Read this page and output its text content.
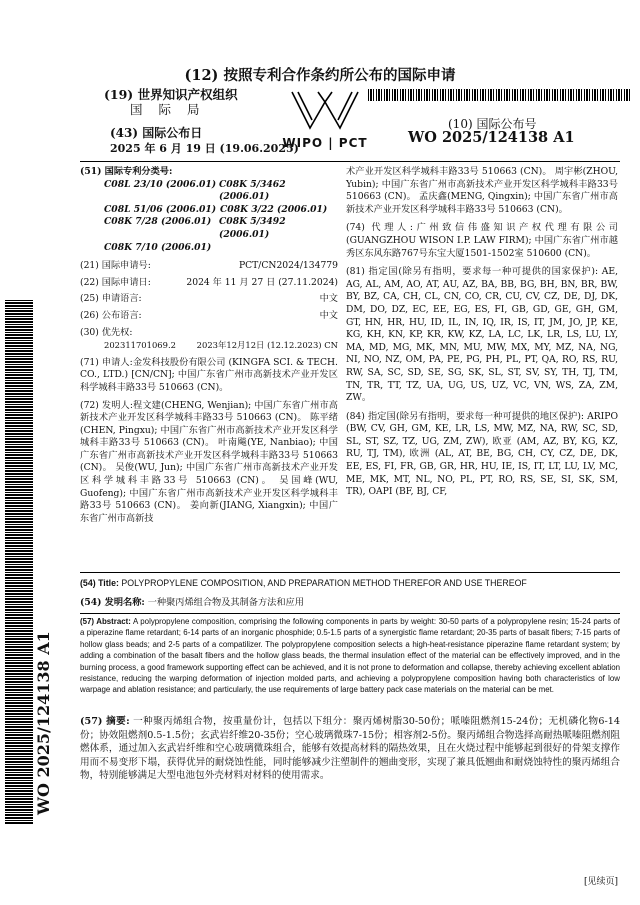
(12) 按照专利合作条约所公布的国际申请
(19) 世界知识产权组织
国 际 局
(43) 国际公布日
2025 年 6 月 19 日 (19.06.2025)
WIPO | PCT
(10) 国际公布号
WO 2025/124138 A1
(51) 国际专利分类号:
C08L 23/10 (2006.01) C08K 5/3462 (2006.01)
C08L 51/06 (2006.01) C08K 3/22 (2006.01)
C08K 7/28 (2006.01) C08K 5/3492 (2006.01)
C08K 7/10 (2006.01)
(21) 国际申请号:	PCT/CN2024/134779
(22) 国际申请日:	2024 年 11 月 27 日 (27.11.2024)
(25) 申请语言:	中文
(26) 公布语言:	中文
(30) 优先权:
202311701069.2 2023年12月12日 (12.12.2023)
CN
(71) 申请人:金发科技股份有限公司 (KINGFA SCI. & TECH. CO., LTD.) [CN/CN]; 中国广东省广州市高新技术产业开发区科学城科丰路33号 510663 (CN)。
(72) 发明人:程文建(CHENG, Wenjian); 中国广东省广州市高新技术产业开发区科学城科丰路33号 510663 (CN)。 陈平绪(CHEN, Pingxu); 中国广东省广州市高新技术产业开发区科学城科丰路33号 510663 (CN)。 叶南飚(YE, Nanbiao); 中国广东省广州市高新技术产业开发区科学城科丰路33号 510663 (CN)。 吴俊(WU, Jun); 中国广东省广州市高新技术产业开发区科学城科丰路33号 510663 (CN)。 吴国峰(WU, Guofeng); 中国广东省广州市高新技术产业开发区科学城科丰路33号 510663 (CN)。 姜向新(JIANG, Xiangxin); 中国广东省广州市高新技
术产业开发区科学城科丰路33号 510663 (CN)。 周宇彬(ZHOU, Yubin); 中国广东省广州市高新技术产业开发区科学城科丰路33号 510663 (CN)。 孟庆鑫(MENG, Qingxin); 中国广东省广州市高新技术产业开发区科学城科丰路33号 510663 (CN)。
(74) 代理人:广州致信伟盛知识产权代理有限公司 (GUANGZHOU WISON I.P. LAW FIRM); 中国广东省广州市越秀区东风东路767号东宝大厦1501-1502室 510600 (CN)。
(81) 指定国(除另有指明，要求每一种可提供的国家保护): AE, AG, AL, AM, AO, AT, AU, AZ, BA, BB, BG, BH, BN, BR, BW, BY, BZ, CA, CH, CL, CN, CO, CR, CU, CV, CZ, DE, DJ, DK, DM, DO, DZ, EC, EE, EG, ES, FI, GB, GD, GE, GH, GM, GT, HN, HR, HU, ID, IL, IN, IQ, IR, IS, IT, JM, JO, JP, KE, KG, KH, KN, KP, KR, KW, KZ, LA, LC, LK, LR, LS, LU, LY, MA, MD, MG, MK, MN, MU, MW, MX, MY, MZ, NA, NG, NI, NO, NZ, OM, PA, PE, PG, PH, PL, PT, QA, RO, RS, RU, RW, SA, SC, SD, SE, SG, SK, SL, ST, SV, SY, TH, TJ, TM, TN, TR, TT, TZ, UA, UG, US, UZ, VC, VN, WS, ZA, ZM, ZW。
(84) 指定国(除另有指明，要求每一种可提供的地区保护): ARIPO (BW, CV, GH, GM, KE, LR, LS, MW, MZ, NA, RW, SC, SD, SL, ST, SZ, TZ, UG, ZM, ZW), 欧亚 (AM, AZ, BY, KG, KZ, RU, TJ, TM), 欧洲 (AL, AT, BE, BG, CH, CY, CZ, DE, DK, EE, ES, FI, FR, GB, GR, HR, HU, IE, IS, IT, LT, LU, LV, MC, ME, MK, MT, NL, NO, PL, PT, RO, RS, SE, SI, SK, SM, TR), OAPI (BF, BJ, CF,
(54) Title: POLYPROPYLENE COMPOSITION, AND PREPARATION METHOD THEREFOR AND USE THEREOF
(54) 发明名称: 一种聚丙烯组合物及其制备方法和应用
(57) Abstract: A polypropylene composition, comprising the following components in parts by weight: 30-50 parts of a polypropylene resin; 15-24 parts of a piperazine flame retardant; 6-14 parts of an inorganic phosphide; 0.5-1.5 parts of a synergistic flame retardant; 20-35 parts of basalt fibers; 7-15 parts of hollow glass beads; and 2-5 parts of a compatilizer. The polypropylene composition selects a high-heat-resistance piperazine flame retardant system; by adding a combination of the basalt fibers and the hollow glass beads, the thermal insulation effect of the material can be effectively improved, and in the burning process, a good framework supporting effect can be achieved, and it is not prone to deformation and collapse, thereby achieving excellent ablation resistance, reducing the warping deformation of injection molded parts, and achieving a polypropylene composition having both characteristics of low warpage and ablation resistance; and particularly, the use requirements of large battery pack case materials on the material can be met.
(57) 摘要: 一种聚丙烯组合物，按重量份计，包括以下组分：聚丙烯树脂30-50份；哌嗪阻燃剂15-24份；无机磷化物6-14份；协效阻燃剂0.5-1.5份；玄武岩纤维20-35份；空心玻璃微珠7-15份；相容剂2-5份。聚丙烯组合物选择高耐热哌嗪阻燃剂阻燃体系，通过加入玄武岩纤维和空心玻璃微珠组合，能够有效提高材料的隔热效果，且在火烧过程中能够起到很好的骨架支撑作用而不易变形下塌，获得优异的耐烧蚀性能，同时能够减少注塑制件的翘曲变形，实现了兼具低翘曲和耐烧蚀特性的聚丙烯组合物，特别能够满足大型电池包外壳材料对材料的使用需求。
WO 2025/124138 A1
[见续页]
